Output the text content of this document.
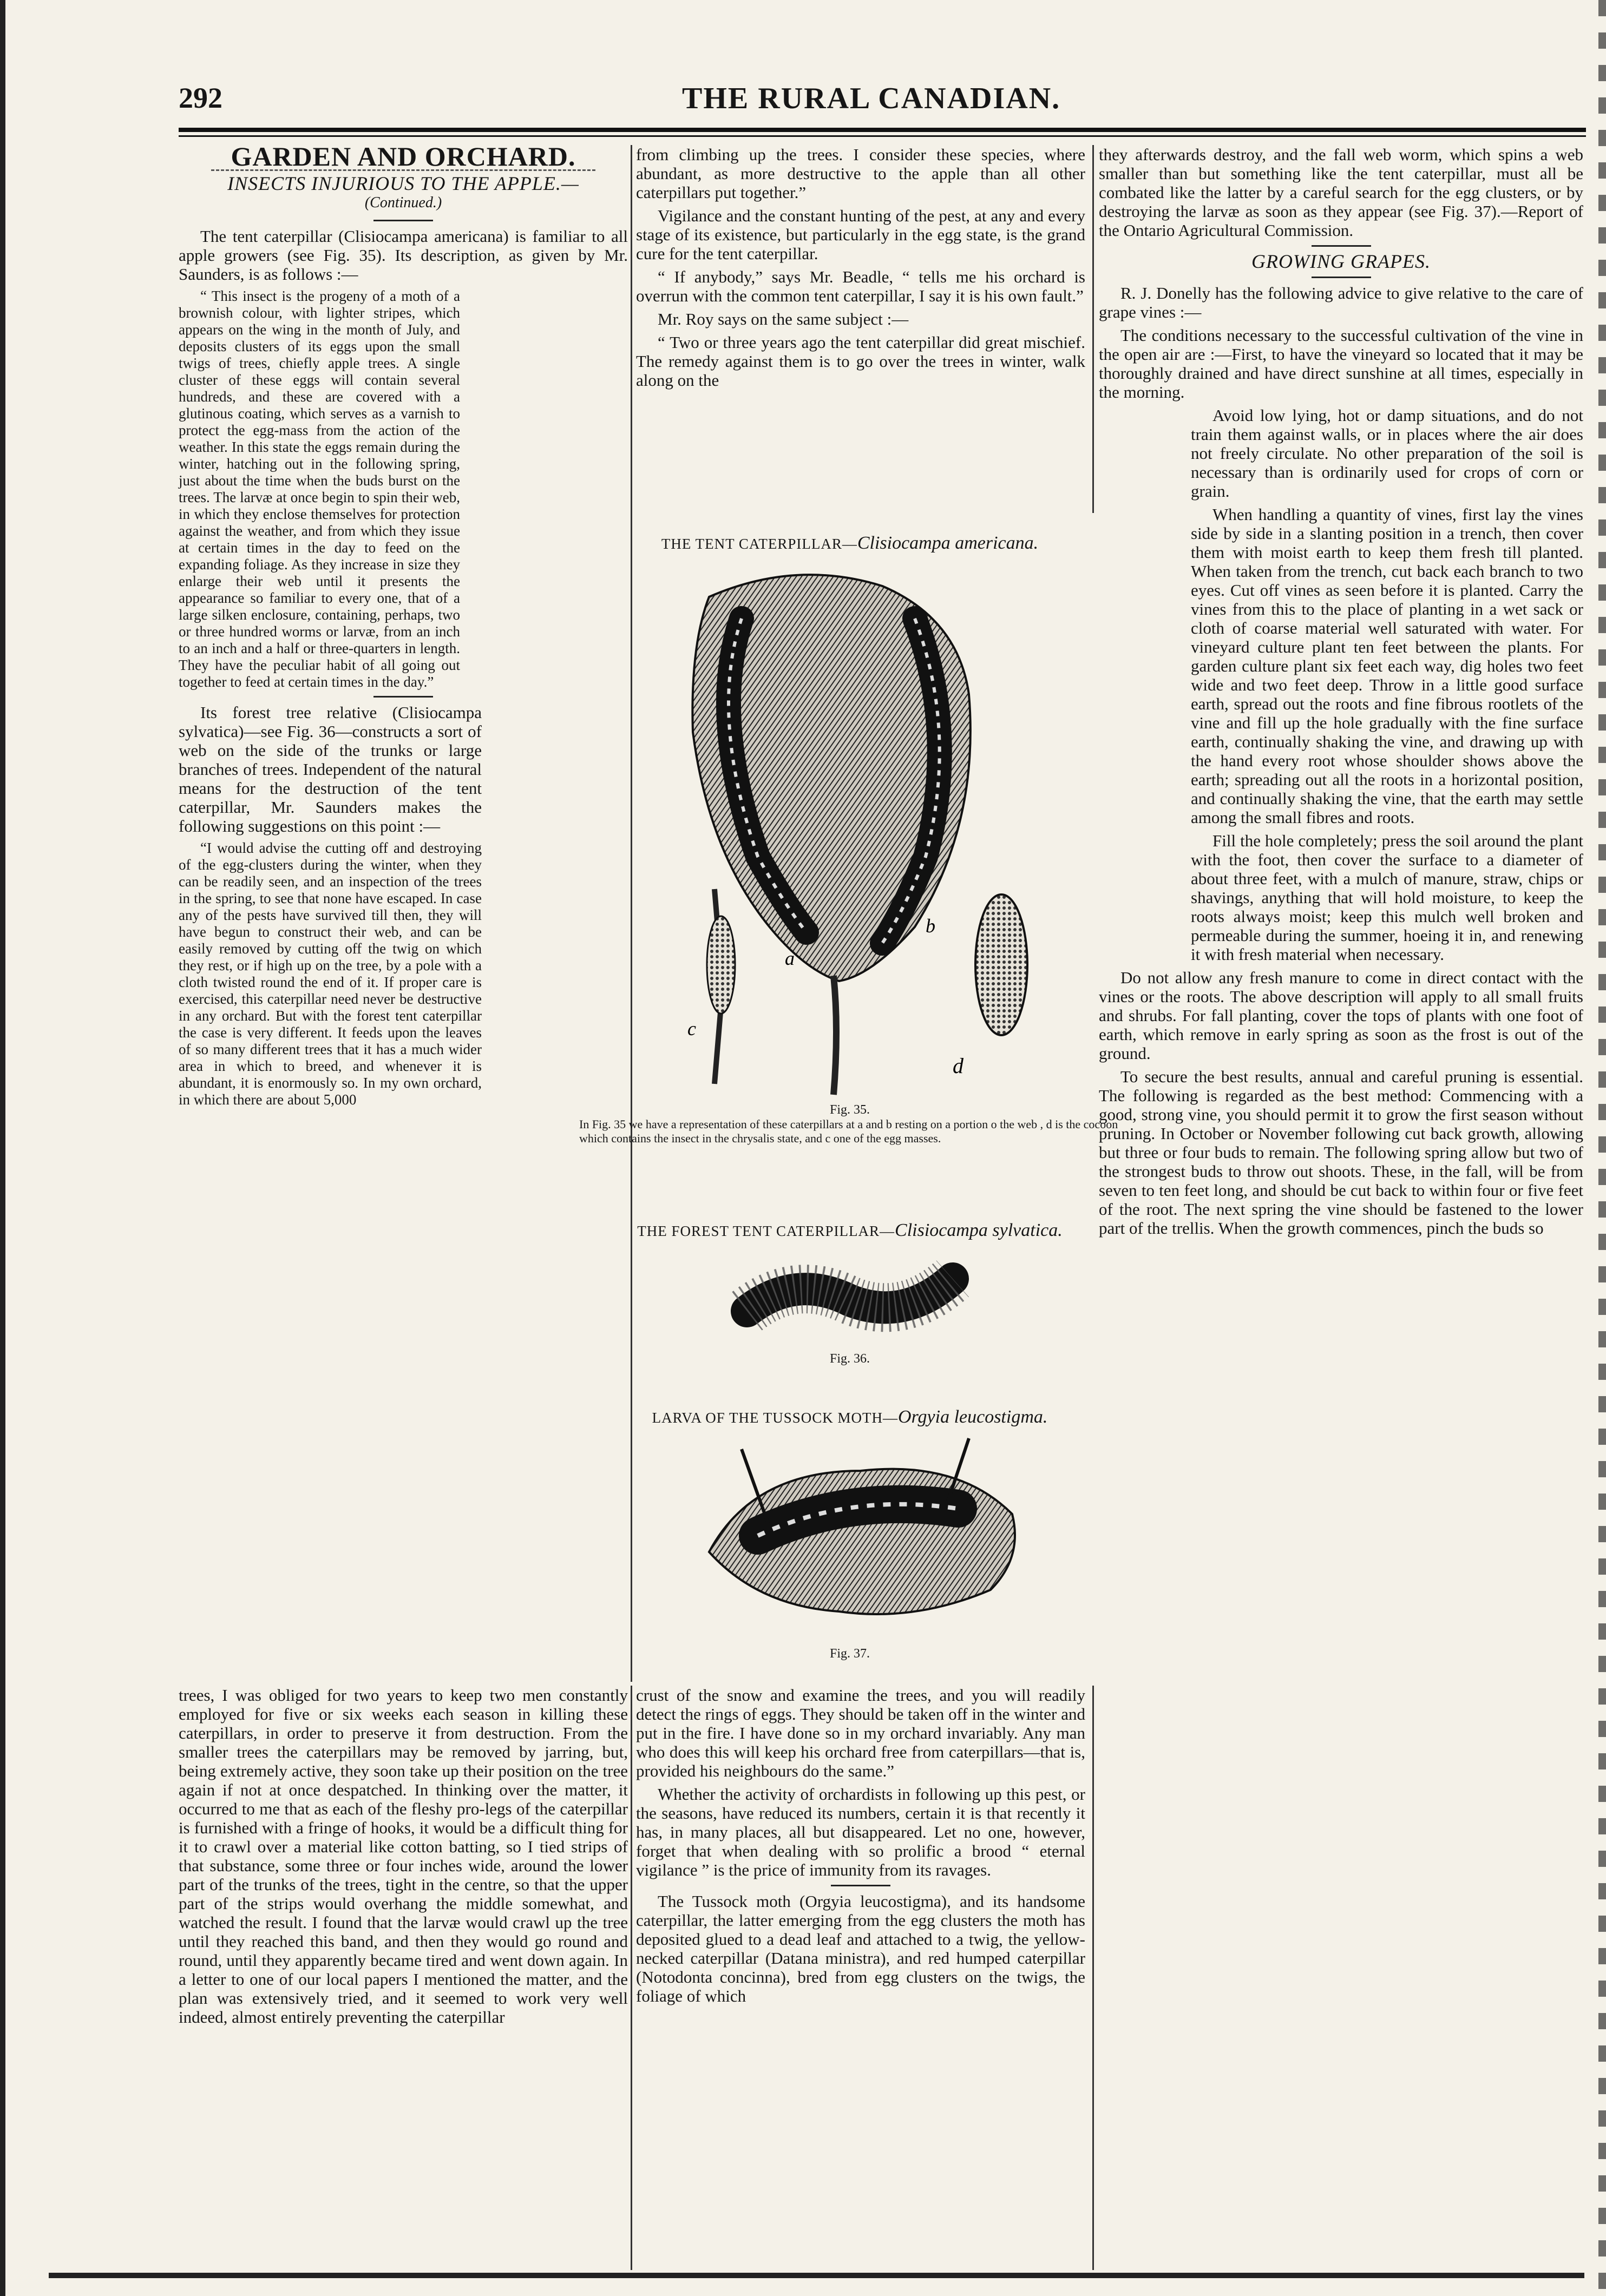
292	THE RURAL CANADIAN.
GARDEN AND ORCHARD.
INSECTS INJURIOUS TO THE APPLE.—
(Continued.)

The tent caterpillar (Clisiocampa americana) is familiar to all apple growers (see Fig. 35). Its description, as given by Mr. Saunders, is as follows :—

“ This insect is the progeny of a moth of a brownish colour, with lighter stripes, which appears on the wing in the month of July, and deposits clusters of its eggs upon the small twigs of trees, chiefly apple trees. A single cluster of these eggs will contain several hundreds, and these are covered with a glutinous coating, which serves as a varnish to protect the egg-mass from the action of the weather. In this state the eggs remain during the winter, hatching out in the following spring, just about the time when the buds burst on the trees. The larvæ at once begin to spin their web, in which they enclose themselves for protection against the weather, and from which they issue at certain times in the day to feed on the expanding foliage. As they increase in size they enlarge their web until it presents the appearance so familiar to every one, that of a large silken enclosure, containing, perhaps, two or three hundred worms or larvæ, from an inch to an inch and a half or three-quarters in length. They have the peculiar habit of all going out together to feed at certain times in the day.”

Its forest tree relative (Clisiocampa sylvatica)—see Fig. 36—constructs a sort of web on the side of the trunks or large branches of trees. Independent of the natural means for the destruction of the tent caterpillar, Mr. Saunders makes the following suggestions on this point :—

“I would advise the cutting off and destroying of the egg-clusters during the winter, when they can be readily seen, and an inspection of the trees in the spring, to see that none have escaped. In case any of the pests have survived till then, they will have begun to construct their web, and can be easily removed by cutting off the twig on which they rest, or if high up on the tree, by a pole with a cloth twisted round the end of it. If proper care is exercised, this caterpillar need never be destructive in any orchard. But with the forest tent caterpillar the case is very different. It feeds upon the leaves of so many different trees that it has a much wider area in which to breed, and whenever it is abundant, it is enormously so. In my own orchard, in which there are about 5,000

from climbing up the trees. I consider these species, where abundant, as more destructive to the apple than all other caterpillars put together.”

Vigilance and the constant hunting of the pest, at any and every stage of its existence, but particularly in the egg state, is the grand cure for the tent caterpillar.

“ If anybody,” says Mr. Beadle, “ tells me his orchard is overrun with the common tent caterpillar, I say it is his own fault.”

Mr. Roy says on the same subject :—

“ Two or three years ago the tent caterpillar did great mischief. The remedy against them is to go over the trees in winter, walk along on the

THE TENT CATERPILLAR—Clisiocampa americana.
a
b
c
d
Fig. 35.
In Fig. 35 we have a representation of these caterpillars at a and b resting on a portion o the web , d is the cocoon which contains the insect in the chrysalis state, and c one of the egg masses.
THE FOREST TENT CATERPILLAR—Clisiocampa sylvatica.
Fig. 36.
LARVA OF THE TUSSOCK MOTH—Orgyia leucostigma.
Fig. 37.

trees, I was obliged for two years to keep two men constantly employed for five or six weeks each season in killing these caterpillars, in order to preserve it from destruction. From the smaller trees the caterpillars may be removed by jarring, but, being extremely active, they soon take up their position on the tree again if not at once despatched. In thinking over the matter, it occurred to me that as each of the fleshy pro-legs of the caterpillar is furnished with a fringe of hooks, it would be a difficult thing for it to crawl over a material like cotton batting, so I tied strips of that substance, some three or four inches wide, around the lower part of the trunks of the trees, tight in the centre, so that the upper part of the strips would overhang the middle somewhat, and watched the result. I found that the larvæ would crawl up the tree until they reached this band, and then they would go round and round, until they apparently became tired and went down again. In a letter to one of our local papers I mentioned the matter, and the plan was extensively tried, and it seemed to work very well indeed, almost entirely preventing the caterpillar

crust of the snow and examine the trees, and you will readily detect the rings of eggs. They should be taken off in the winter and put in the fire. I have done so in my orchard invariably. Any man who does this will keep his orchard free from caterpillars—that is, provided his neighbours do the same.”

Whether the activity of orchardists in following up this pest, or the seasons, have reduced its numbers, certain it is that recently it has, in many places, all but disappeared. Let no one, however, forget that when dealing with so prolific a brood “ eternal vigilance ” is the price of immunity from its ravages.

The Tussock moth (Orgyia leucostigma), and its handsome caterpillar, the latter emerging from the egg clusters the moth has deposited glued to a dead leaf and attached to a twig, the yellow-necked caterpillar (Datana ministra), and red humped caterpillar (Notodonta concinna), bred from egg clusters on the twigs, the foliage of which

they afterwards destroy, and the fall web worm, which spins a web smaller than but something like the tent caterpillar, must all be combated like the latter by a careful search for the egg clusters, or by destroying the larvæ as soon as they appear (see Fig. 37).—Report of the Ontario Agricultural Commission.

GROWING GRAPES.

R. J. Donelly has the following advice to give relative to the care of grape vines :—

The conditions necessary to the successful cultivation of the vine in the open air are :—First, to have the vineyard so located that it may be thoroughly drained and have direct sunshine at all times, especially in the morning.

Avoid low lying, hot or damp situations, and do not train them against walls, or in places where the air does not freely circulate. No other preparation of the soil is necessary than is ordinarily used for crops of corn or grain.

When handling a quantity of vines, first lay the vines side by side in a slanting position in a trench, then cover them with moist earth to keep them fresh till planted. When taken from the trench, cut back each branch to two eyes. Cut off vines as seen before it is planted. Carry the vines from this to the place of planting in a wet sack or cloth of coarse material well saturated with water. For vineyard culture plant ten feet between the plants. For garden culture plant six feet each way, dig holes two feet wide and two feet deep. Throw in a little good surface earth, spread out the roots and fine fibrous rootlets of the vine and fill up the hole gradually with the fine surface earth, continually shaking the vine, and drawing up with the hand every root whose shoulder shows above the earth; spreading out all the roots in a horizontal position, and continually shaking the vine, that the earth may settle among the small fibres and roots.

Fill the hole completely; press the soil around the plant with the foot, then cover the surface to a diameter of about three feet, with a mulch of manure, straw, chips or shavings, anything that will hold moisture, to keep the roots always moist; keep this mulch well broken and permeable during the summer, hoeing it in, and renewing it with fresh material when necessary.

Do not allow any fresh manure to come in direct contact with the vines or the roots. The above description will apply to all small fruits and shrubs. For fall planting, cover the tops of plants with one foot of earth, which remove in early spring as soon as the frost is out of the ground.

To secure the best results, annual and careful pruning is essential. The following is regarded as the best method: Commencing with a good, strong vine, you should permit it to grow the first season without pruning. In October or November following cut back growth, allowing but three or four buds to remain. The following spring allow but two of the strongest buds to throw out shoots. These, in the fall, will be from seven to ten feet long, and should be cut back to within four or five feet of the root. The next spring the vine should be fastened to the lower part of the trellis. When the growth commences, pinch the buds so
